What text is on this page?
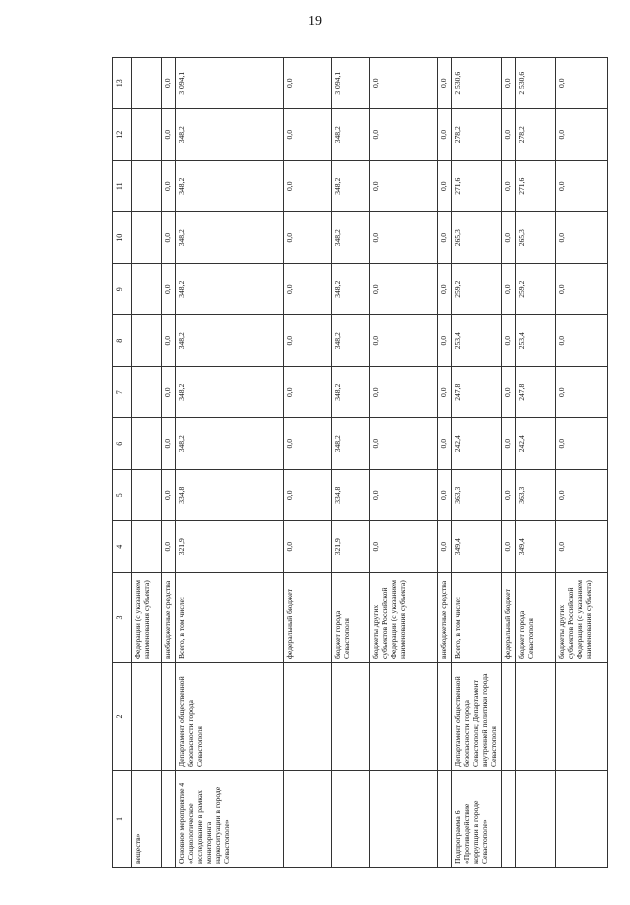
19
1	2	3	4	5	6	7	8	9	10	11	12	13
веществ»		Федерации (с указанием наименования субъекта)										
		внебюджетные средства	0,0	0,0	0,0	0,0	0,0	0,0	0,0	0,0	0,0	0,0
Основное мероприятие 4 «Социологическое исследование в рамках мониторинга наркоситуации в городе Севастополе»	Департамент общественной безопасности города Севастополя	Всего, в том числе:	321,9	334,8	348,2	348,2	348,2	348,2	348,2	348,2	348,2	3 094,1
		федеральный бюджет	0,0	0,0	0,0	0,0	0,0	0,0	0,0	0,0	0,0	0,0
		бюджет города Севастополя	321,9	334,8	348,2	348,2	348,2	348,2	348,2	348,2	348,2	3 094,1
		бюджеты других субъектов Российской Федерации (с указанием наименования субъекта)	0,0	0,0	0,0	0,0	0,0	0,0	0,0	0,0	0,0	0,0
		внебюджетные средства	0,0	0,0	0,0	0,0	0,0	0,0	0,0	0,0	0,0	0,0
Подпрограмма 6 «Противодействие коррупции в городе Севастополе»	Департамент общественной безопасности города Севастополя; Департамент внутренней политики города Севастополя	Всего, в том числе:	349,4	363,3	242,4	247,8	253,4	259,2	265,3	271,6	278,2	2 530,6
		федеральный бюджет	0,0	0,0	0,0	0,0	0,0	0,0	0,0	0,0	0,0	0,0
		бюджет города Севастополя	349,4	363,3	242,4	247,8	253,4	259,2	265,3	271,6	278,2	2 530,6
		бюджеты других субъектов Российской Федерации (с указанием наименования субъекта)	0,0	0,0	0,0	0,0	0,0	0,0	0,0	0,0	0,0	0,0
